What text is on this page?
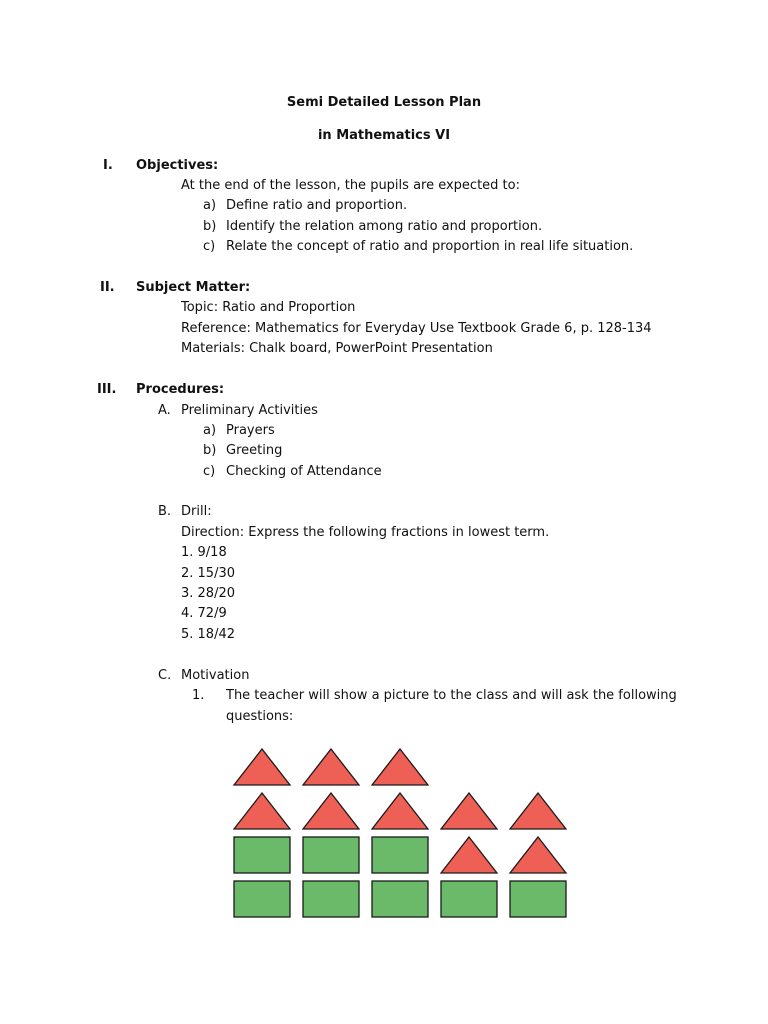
Semi Detailed Lesson Plan
in Mathematics VI
I. Objectives:
At the end of the lesson, the pupils are expected to:
a) Define ratio and proportion.
b) Identify the relation among ratio and proportion.
c) Relate the concept of ratio and proportion in real life situation.
II. Subject Matter:
Topic: Ratio and Proportion
Reference: Mathematics for Everyday Use Textbook Grade 6, p. 128-134
Materials: Chalk board, PowerPoint Presentation
III. Procedures:
A. Preliminary Activities
a) Prayers
b) Greeting
c) Checking of Attendance
B. Drill:
Direction: Express the following fractions in lowest term.
1. 9/18
2. 15/30
3. 28/20
4. 72/9
5. 18/42
C. Motivation
1. The teacher will show a picture to the class and will ask the following
questions:
